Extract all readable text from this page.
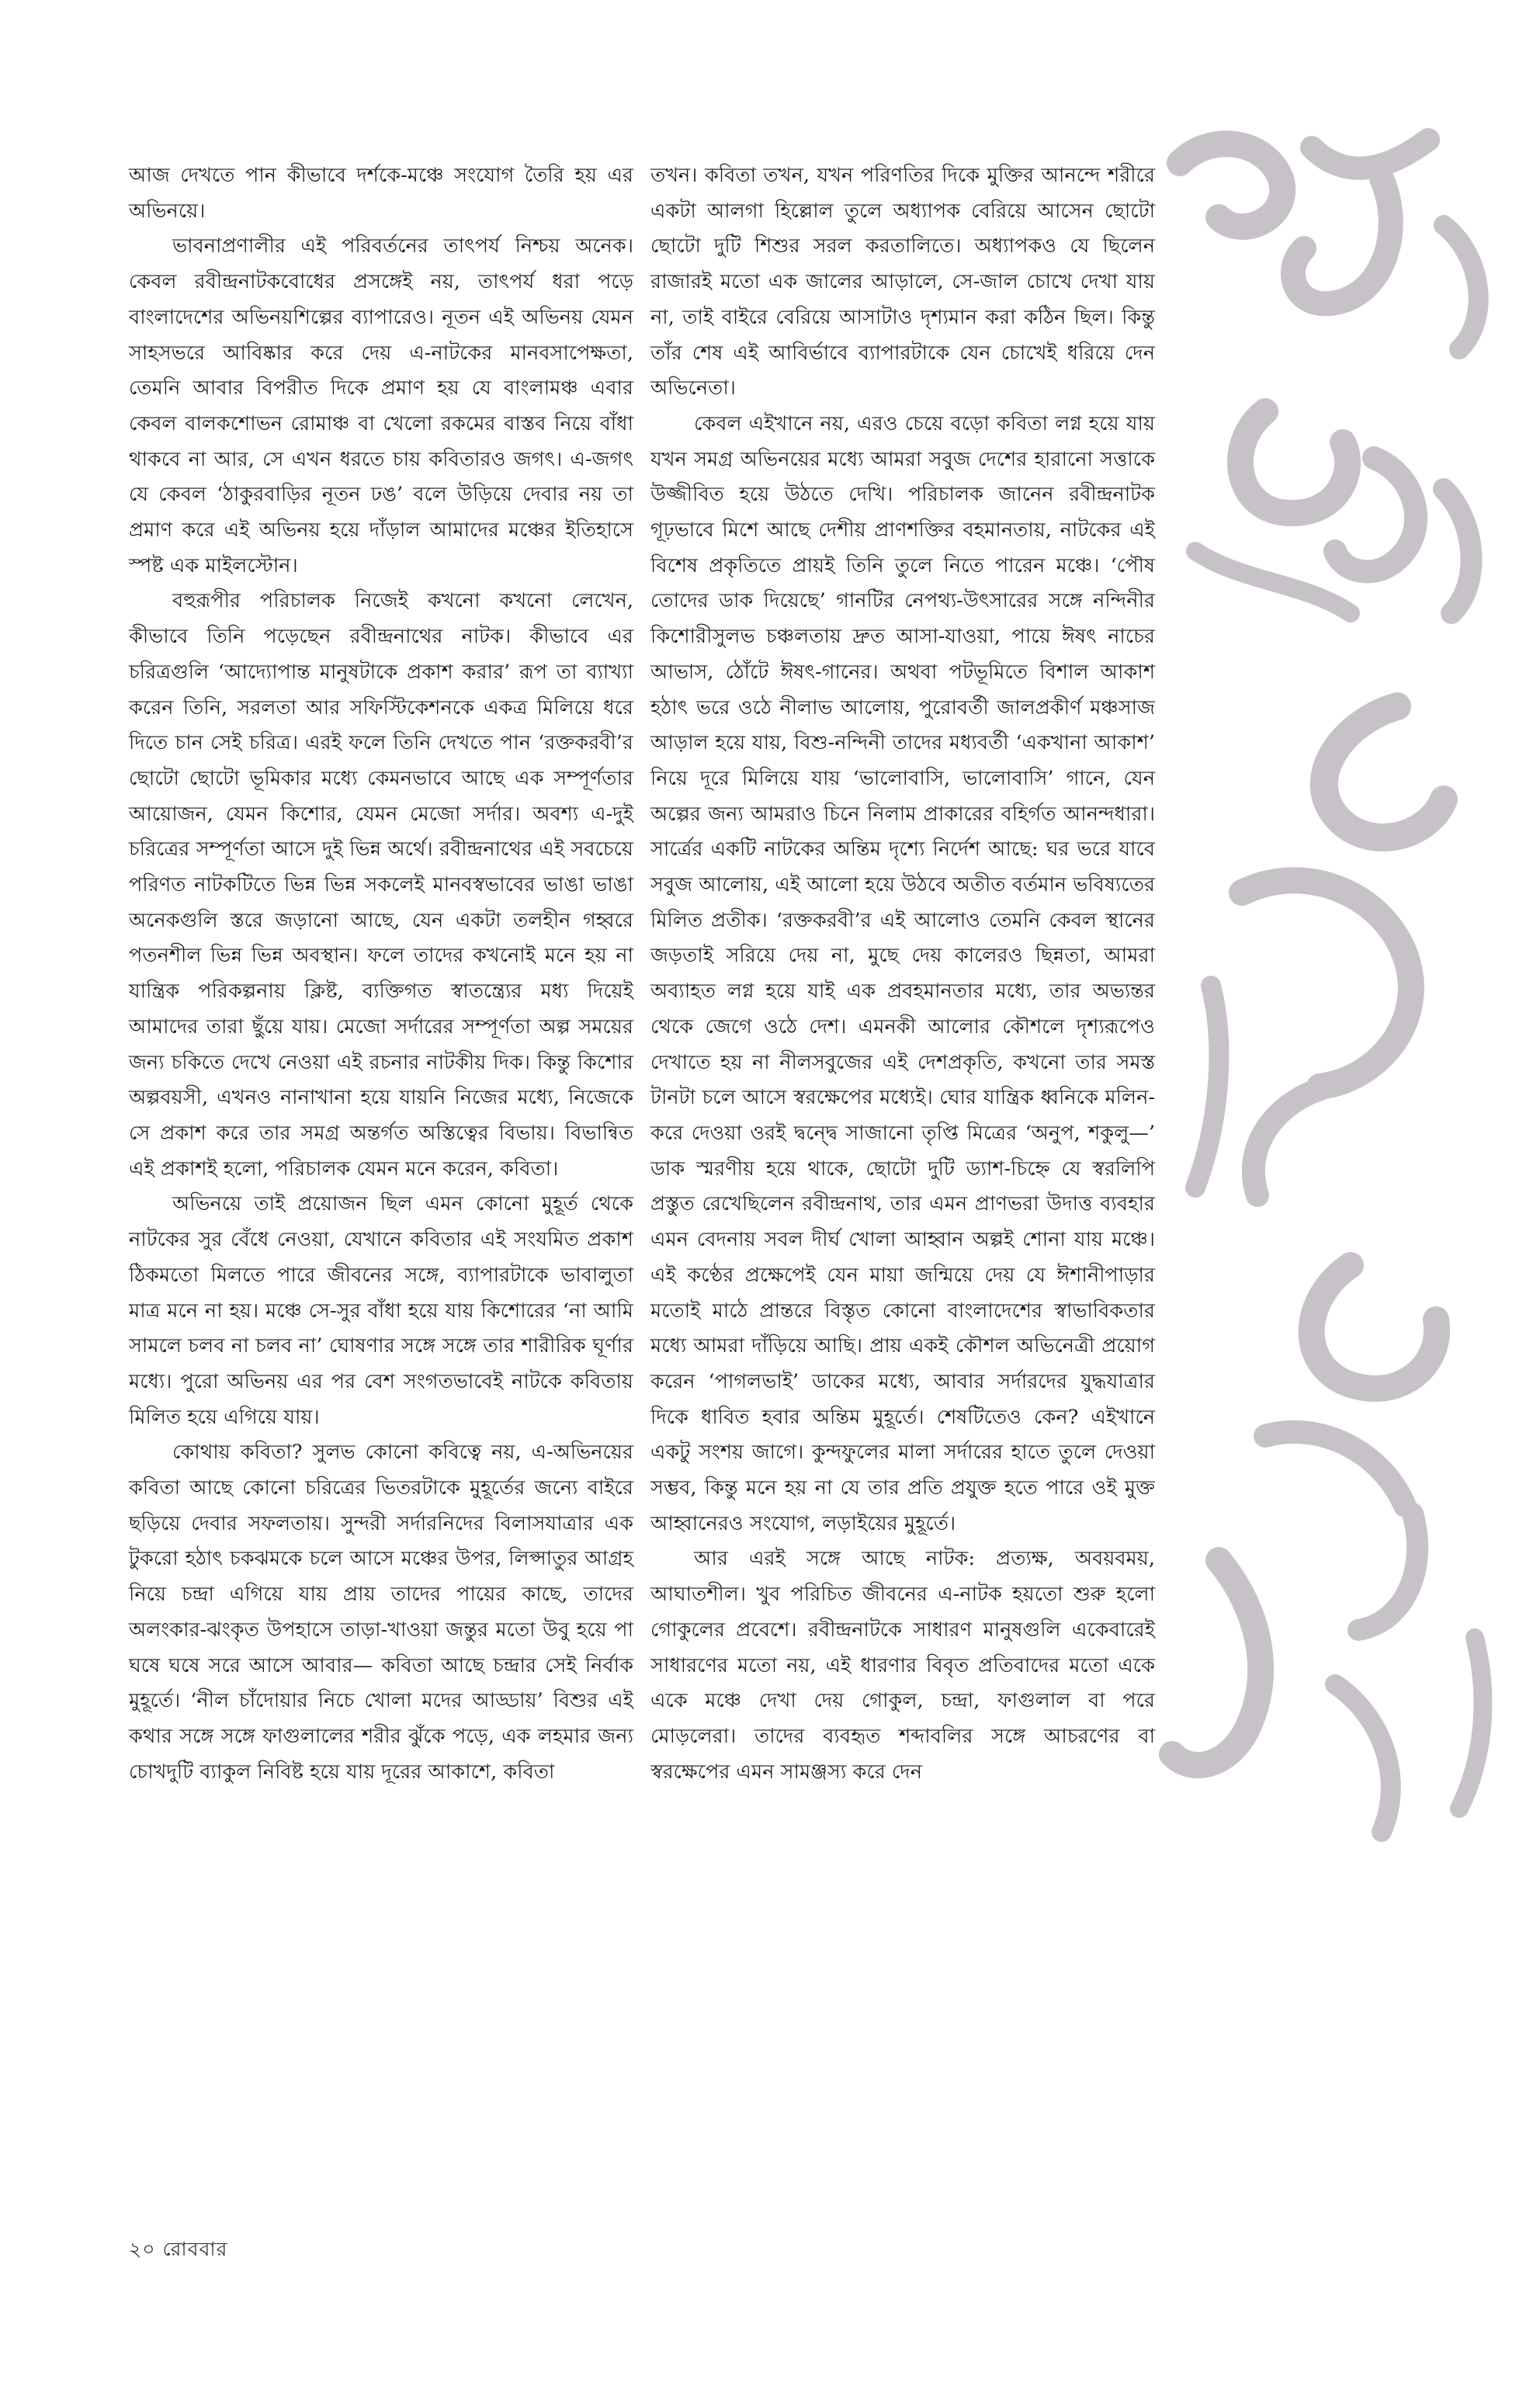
আজ দেখতে পান কীভাবে দর্শকে-মঞ্চে সংযোগ তৈরি হয় এর অভিনয়ে।

ভাবনাপ্রণালীর এই পরিবর্তনের তাৎপর্য নিশ্চয় অনেক। কেবল রবীন্দ্রনাটকবোধের প্রসঙ্গেই নয়, তাৎপর্য ধরা পড়ে বাংলাদেশের অভিনয়শিল্পের ব্যাপারেও। নূতন এই অভিনয় যেমন সাহসভরে আবিষ্কার করে দেয় এ-নাটকের মানবসাপেক্ষতা, তেমনি আবার বিপরীত দিকে প্রমাণ হয় যে বাংলামঞ্চ এবার কেবল বালকশোভন রোমাঞ্চ বা খেলো রকমের বাস্তব নিয়ে বাঁধা থাকবে না আর, সে এখন ধরতে চায় কবিতারও জগৎ। এ-জগৎ যে কেবল ‘ঠাকুরবাড়ির নূতন ঢঙ’ বলে উড়িয়ে দেবার নয় তা প্রমাণ করে এই অভিনয় হয়ে দাঁড়াল আমাদের মঞ্চের ইতিহাসে স্পষ্ট এক মাইলস্টোন।

বহুরূপীর পরিচালক নিজেই কখনো কখনো লেখেন, কীভাবে তিনি পড়েছেন রবীন্দ্রনাথের নাটক। কীভাবে এর চরিত্রগুলি ‘আদ্যোপান্ত মানুষটাকে প্রকাশ করার’ রূপ তা ব্যাখ্যা করেন তিনি, সরলতা আর সফিস্টিকেশনকে একত্র মিলিয়ে ধরে দিতে চান সেই চরিত্র। এরই ফলে তিনি দেখতে পান ‘রক্তকরবী’র ছোটো ছোটো ভূমিকার মধ্যে কেমনভাবে আছে এক সম্পূর্ণতার আয়োজন, যেমন কিশোর, যেমন মেজো সর্দার। অবশ্য এ-দুই চরিত্রের সম্পূর্ণতা আসে দুই ভিন্ন অর্থে। রবীন্দ্রনাথের এই সবচেয়ে পরিণত নাটকটিতে ভিন্ন ভিন্ন সকলেই মানবস্বভাবের ভাঙা ভাঙা অনেকগুলি স্তরে জড়ানো আছে, যেন একটা তলহীন গহ্বরে পতনশীল ভিন্ন ভিন্ন অবস্থান। ফলে তাদের কখনোই মনে হয় না যান্ত্রিক পরিকল্পনায় ক্লিষ্ট, ব্যক্তিগত স্বাতন্ত্র্যের মধ্য দিয়েই আমাদের তারা ছুঁয়ে যায়। মেজো সর্দারের সম্পূর্ণতা অল্প সময়ের জন্য চকিতে দেখে নেওয়া এই রচনার নাটকীয় দিক। কিন্তু কিশোর অল্পবয়সী, এখনও নানাখানা হয়ে যায়নি নিজের মধ্যে, নিজেকে সে প্রকাশ করে তার সমগ্র অন্তর্গত অস্তিত্বের বিভায়। বিভান্বিত এই প্রকাশই হলো, পরিচালক যেমন মনে করেন, কবিতা।

অভিনয়ে তাই প্রয়োজন ছিল এমন কোনো মুহূর্ত থেকে নাটকের সুর বেঁধে নেওয়া, যেখানে কবিতার এই সংযমিত প্রকাশ ঠিকমতো মিলতে পারে জীবনের সঙ্গে, ব্যাপারটাকে ভাবালুতা মাত্র মনে না হয়। মঞ্চে সে-সুর বাঁধা হয়ে যায় কিশোরের ‘না আমি সামলে চলব না চলব না’ ঘোষণার সঙ্গে সঙ্গে তার শারীরিক ঘূর্ণার মধ্যে। পুরো অভিনয় এর পর বেশ সংগতভাবেই নাটকে কবিতায় মিলিত হয়ে এগিয়ে যায়।

কোথায় কবিতা? সুলভ কোনো কবিত্বে নয়, এ-অভিনয়ের কবিতা আছে কোনো চরিত্রের ভিতরটাকে মুহূর্তের জন্যে বাইরে ছড়িয়ে দেবার সফলতায়। সুন্দরী সর্দারনিদের বিলাসযাত্রার এক টুকরো হঠাৎ চকঝমকে চলে আসে মঞ্চের উপর, লিপ্সাতুর আগ্রহ নিয়ে চন্দ্রা এগিয়ে যায় প্রায় তাদের পায়ের কাছে, তাদের অলংকার-ঝংকৃত উপহাসে তাড়া-খাওয়া জন্তুর মতো উবু হয়ে পা ঘষে ঘষে সরে আসে আবার— কবিতা আছে চন্দ্রার সেই নির্বাক মুহূর্তে। ‘নীল চাঁদোয়ার নিচে খোলা মদের আড্ডায়’ বিশুর এই কথার সঙ্গে সঙ্গে ফাগুলালের শরীর ঝুঁকে পড়ে, এক লহমার জন্য চোখদুটি ব্যাকুল নিবিষ্ট হয়ে যায় দূরের আকাশে, কবিতা

তখন। কবিতা তখন, যখন পরিণতির দিকে মুক্তির আনন্দে শরীরে একটা আলগা হিল্লোল তুলে অধ্যাপক বেরিয়ে আসেন ছোটো ছোটো দুটি শিশুর সরল করতালিতে। অধ্যাপকও যে ছিলেন রাজারই মতো এক জালের আড়ালে, সে-জাল চোখে দেখা যায় না, তাই বাইরে বেরিয়ে আসাটাও দৃশ্যমান করা কঠিন ছিল। কিন্তু তাঁর শেষ এই আবির্ভাবে ব্যাপারটাকে যেন চোখেই ধরিয়ে দেন অভিনেতা।

কেবল এইখানে নয়, এরও চেয়ে বড়ো কবিতা লগ্ন হয়ে যায় যখন সমগ্র অভিনয়ের মধ্যে আমরা সবুজ দেশের হারানো সত্তাকে উজ্জীবিত হয়ে উঠতে দেখি। পরিচালক জানেন রবীন্দ্রনাটক গূঢ়ভাবে মিশে আছে দেশীয় প্রাণশক্তির বহমানতায়, নাটকের এই বিশেষ প্রকৃতিতে প্রায়ই তিনি তুলে নিতে পারেন মঞ্চে। ‘পৌষ তোদের ডাক দিয়েছে’ গানটির নেপথ্য-উৎসারের সঙ্গে নন্দিনীর কিশোরীসুলভ চঞ্চলতায় দ্রুত আসা-যাওয়া, পায়ে ঈষৎ নাচের আভাস, ঠোঁটে ঈষৎ-গানের। অথবা পটভূমিতে বিশাল আকাশ হঠাৎ ভরে ওঠে নীলাভ আলোয়, পুরোবর্তী জালপ্রকীর্ণ মঞ্চসাজ আড়াল হয়ে যায়, বিশু-নন্দিনী তাদের মধ্যবর্তী ‘একখানা আকাশ’ নিয়ে দূরে মিলিয়ে যায় ‘ভালোবাসি, ভালোবাসি’ গানে, যেন অল্পের জন্য আমরাও চিনে নিলাম প্রাকারের বহির্গত আনন্দধারা। সার্ত্রের একটি নাটকের অন্তিম দৃশ্যে নির্দেশ আছে: ঘর ভরে যাবে সবুজ আলোয়, এই আলো হয়ে উঠবে অতীত বর্তমান ভবিষ্যতের মিলিত প্রতীক। ‘রক্তকরবী’র এই আলোও তেমনি কেবল স্থানের জড়তাই সরিয়ে দেয় না, মুছে দেয় কালেরও ছিন্নতা, আমরা অব্যাহত লগ্ন হয়ে যাই এক প্রবহমানতার মধ্যে, তার অভ্যন্তর থেকে জেগে ওঠে দেশ। এমনকী আলোর কৌশলে দৃশ্যরূপেও দেখাতে হয় না নীলসবুজের এই দেশপ্রকৃতি, কখনো তার সমস্ত টানটা চলে আসে স্বরক্ষেপের মধ্যেই। ঘোর যান্ত্রিক ধ্বনিকে মলিন-করে দেওয়া ওরই দ্বন্দ্বে সাজানো তৃপ্তি মিত্রের ‘অনুপ, শকুলু—’ ডাক স্মরণীয় হয়ে থাকে, ছোটো দুটি ড্যাশ-চিহ্নে যে স্বরলিপি প্রস্তুত রেখেছিলেন রবীন্দ্রনাথ, তার এমন প্রাণভরা উদাত্ত ব্যবহার এমন বেদনায় সবল দীর্ঘ খোলা আহ্বান অল্পই শোনা যায় মঞ্চে। এই কণ্ঠের প্রক্ষেপেই যেন মায়া জন্মিয়ে দেয় যে ঈশানীপাড়ার মতোই মাঠে প্রান্তরে বিস্তৃত কোনো বাংলাদেশের স্বাভাবিকতার মধ্যে আমরা দাঁড়িয়ে আছি। প্রায় একই কৌশল অভিনেত্রী প্রয়োগ করেন ‘পাগলভাই’ ডাকের মধ্যে, আবার সর্দারদের যুদ্ধযাত্রার দিকে ধাবিত হবার অন্তিম মুহূর্তে। শেষটিতেও কেন? এইখানে একটু সংশয় জাগে। কুন্দফুলের মালা সর্দারের হাতে তুলে দেওয়া সম্ভব, কিন্তু মনে হয় না যে তার প্রতি প্রযুক্ত হতে পারে ওই মুক্ত আহ্বানেরও সংযোগ, লড়াইয়ের মুহূর্তে।

আর এরই সঙ্গে আছে নাটক: প্রত্যক্ষ, অবয়বময়, আঘাতশীল। খুব পরিচিত জীবনের এ-নাটক হয়তো শুরু হলো গোকুলের প্রবেশে। রবীন্দ্রনাটকে সাধারণ মানুষগুলি একেবারেই সাধারণের মতো নয়, এই ধারণার বিবৃত প্রতিবাদের মতো একে একে মঞ্চে দেখা দেয় গোকুল, চন্দ্রা, ফাগুলাল বা পরে মোড়লেরা। তাদের ব্যবহৃত শব্দাবলির সঙ্গে আচরণের বা স্বরক্ষেপের এমন সামঞ্জস্য করে দেন

২০ রোববার
